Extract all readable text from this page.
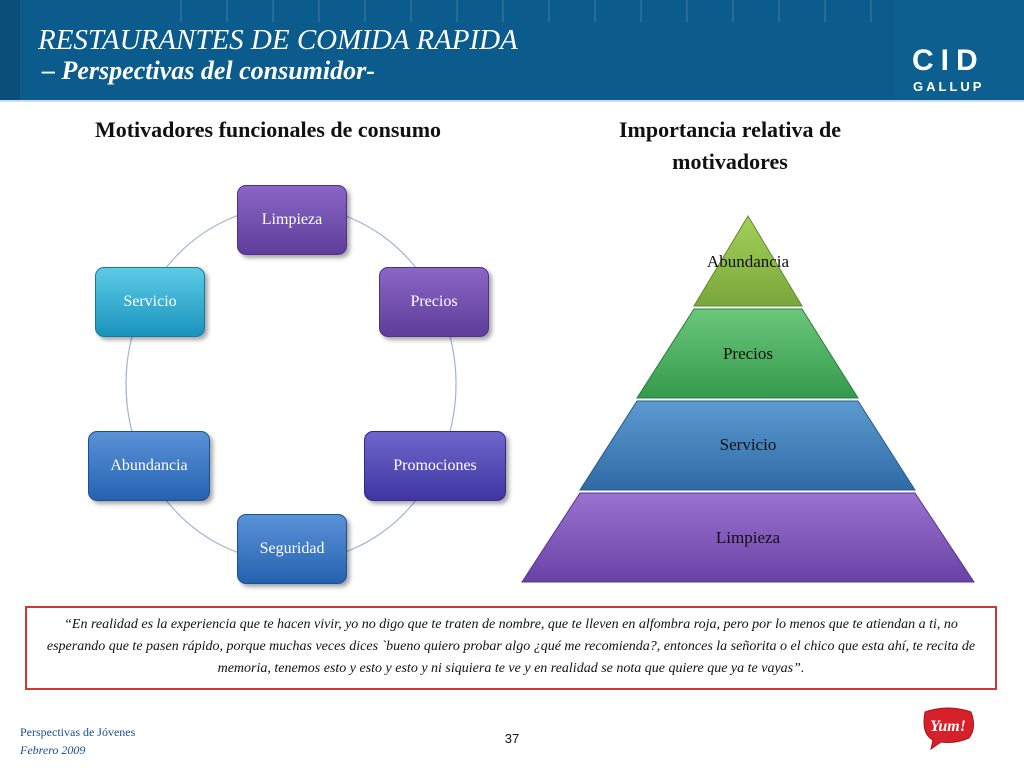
RESTAURANTES DE COMIDA RAPIDA
– Perspectivas del consumidor-	CID
GALLUP
Motivadores funcionales de consumo	Importancia relativa de motivadores
Limpieza
Precios
Promociones
Seguridad
Abundancia
Servicio
Abundancia
Precios
Servicio
Limpieza
“En realidad es la experiencia que te hacen vivir, yo no digo que te traten de nombre, que te lleven en alfombra roja, pero por lo menos que te atiendan a ti, no esperando que te pasen rápido, porque muchas veces dices `bueno quiero probar algo ¿qué me recomienda?, entonces la señorita o el chico que esta ahí, te recita de memoria, tenemos esto y esto y esto y ni siquiera te ve y en realidad se nota que quiere que ya te vayas”.
Perspectivas de Jóvenes
Febrero 2009
37
Yum!
